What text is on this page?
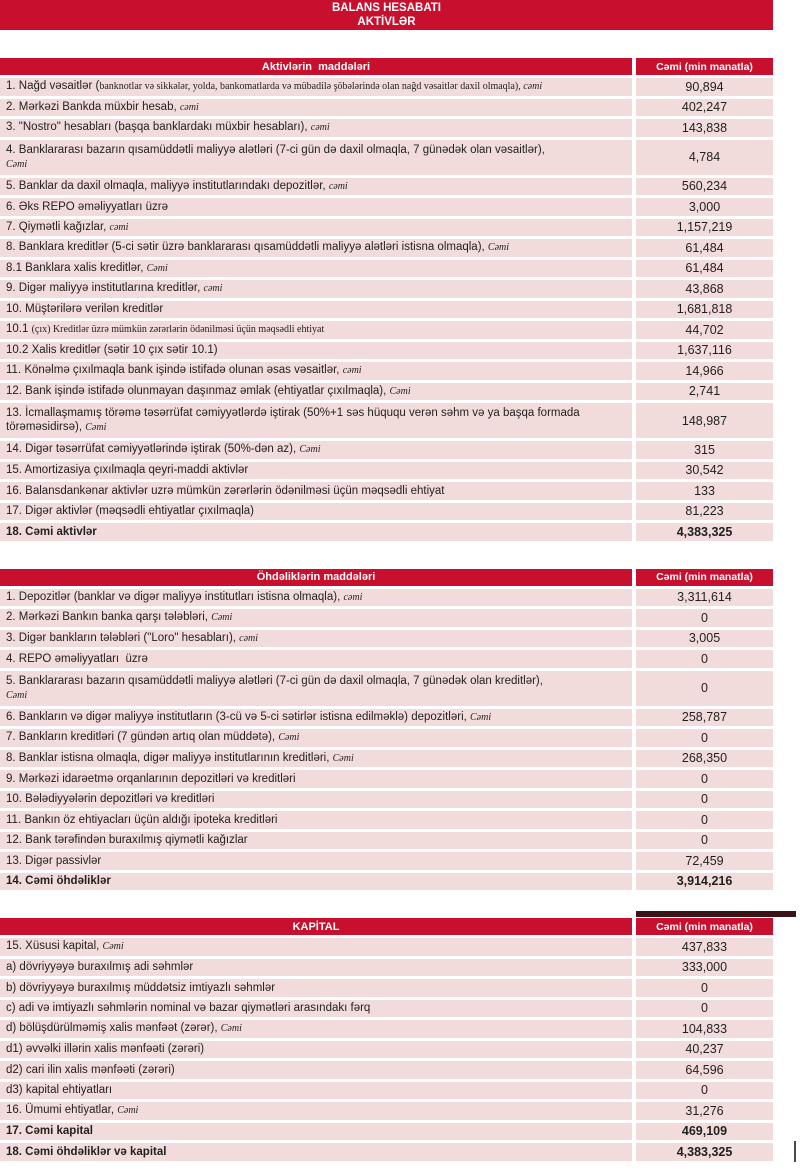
BALANS HESABATI
AKTİVLƏR
Aktivlərin  maddələri	Cəmi (min manatla)
1. Nağd vəsaitlər (banknotlar və sikkələr, yolda, bankomatlarda və mübadilə şöbələrində olan nağd vəsaitlər daxil olmaqla), cəmi	90,894
2. Mərkəzi Bankda müxbir hesab, cəmi	402,247
3. "Nostro" hesabları (başqa banklardakı müxbir hesabları), cəmi	143,838
4. Banklararası bazarın qısamüddətli maliyyə alətləri (7-ci gün də daxil olmaqla, 7 günədək olan vəsaitlər),
Cəmi	4,784
5. Banklar da daxil olmaqla, maliyyə institutlarındakı depozitlər, cəmi	560,234
6. Əks REPO əməliyyatları üzrə	3,000
7. Qiymətli kağızlar, cəmi	1,157,219
8. Banklara kreditlər (5-ci sətir üzrə banklararası qısamüddətli maliyyə alətləri istisna olmaqla), Cəmi	61,484
8.1 Banklara xalis kreditlər, Cəmi	61,484
9. Digər maliyyə institutlarına kreditlər, cəmi	43,868
10. Müştərilərə verilən kreditlər	1,681,818
10.1 (çıx) Kreditlər üzrə mümkün zərərlərin ödənilməsi üçün məqsədli ehtiyat	44,702
10.2 Xalis kreditlər (sətir 10 çıx sətir 10.1)	1,637,116
11. Könəlmə çıxılmaqla bank işində istifadə olunan əsas vəsaitlər, cəmi	14,966
12. Bank işində istifadə olunmayan daşınmaz əmlak (ehtiyatlar çıxılmaqla), Cəmi	2,741
13. İcmallaşmamış törəmə təsərrüfat cəmiyyətlərdə iştirak (50%+1 səs hüququ verən səhm və ya başqa formada törəməsidirsə), Cəmi	148,987
14. Digər təsərrüfat cəmiyyətlərində iştirak (50%-dən az), Cəmi	315
15. Amortizasiya çıxılmaqla qeyri-maddi aktivlər	30,542
16. Balansdankənar aktivlər uzrə mümkün zərərlərin ödənilməsi üçün məqsədli ehtiyat	133
17. Digər aktivlər (məqsədli ehtiyatlar çıxılmaqla)	81,223
18. Cəmi aktivlər	4,383,325
Öhdəliklərin maddələri	Cəmi (min manatla)
1. Depozitlər (banklar və digər maliyyə institutları istisna olmaqla), cəmi	3,311,614
2. Mərkəzi Bankın banka qarşı tələbləri, Cəmi	0
3. Digər bankların tələbləri ("Loro" hesabları), cəmi	3,005
4. REPO əməliyyatları  üzrə	0
5. Banklararası bazarın qısamüddətli maliyyə alətləri (7-ci gün də daxil olmaqla, 7 günədək olan kreditlər),
Cəmi	0
6. Bankların və digər maliyyə institutların (3-cü və 5-ci sətirlər istisna edilməklə) depozitləri, Cəmi	258,787
7. Bankların kreditləri (7 gündən artıq olan müddətə), Cəmi	0
8. Banklar istisna olmaqla, digər maliyyə institutlarının kreditləri, Cəmi	268,350
9. Mərkəzi idarəetmə orqanlarının depozitləri və kreditləri	0
10. Bələdiyyələrin depozitləri və kreditləri	0
11. Bankın öz ehtiyacları üçün aldığı ipoteka kreditləri	0
12. Bank tərəfindən buraxılmış qiymətli kağızlar	0
13. Digər passivlər	72,459
14. Cəmi öhdəliklər	3,914,216
KAPİTAL	Cəmi (min manatla)
15. Xüsusi kapital, Cəmi	437,833
a) dövriyyəyə buraxılmış adi səhmlər	333,000
b) dövriyyəyə buraxılmış müddətsiz imtiyazlı səhmlər	0
c) adi və imtiyazlı səhmlərin nominal və bazar qiymətləri arasındakı fərq	0
d) bölüşdürülməmiş xalis mənfəət (zərər), Cəmi	104,833
d1) əvvəlki illərin xalis mənfəəti (zərəri)	40,237
d2) cari ilin xalis mənfəəti (zərəri)	64,596
d3) kapital ehtiyatları	0
16. Ümumi ehtiyatlar, Cəmi	31,276
17. Cəmi kapital	469,109
18. Cəmi öhdəliklər və kapital	4,383,325
